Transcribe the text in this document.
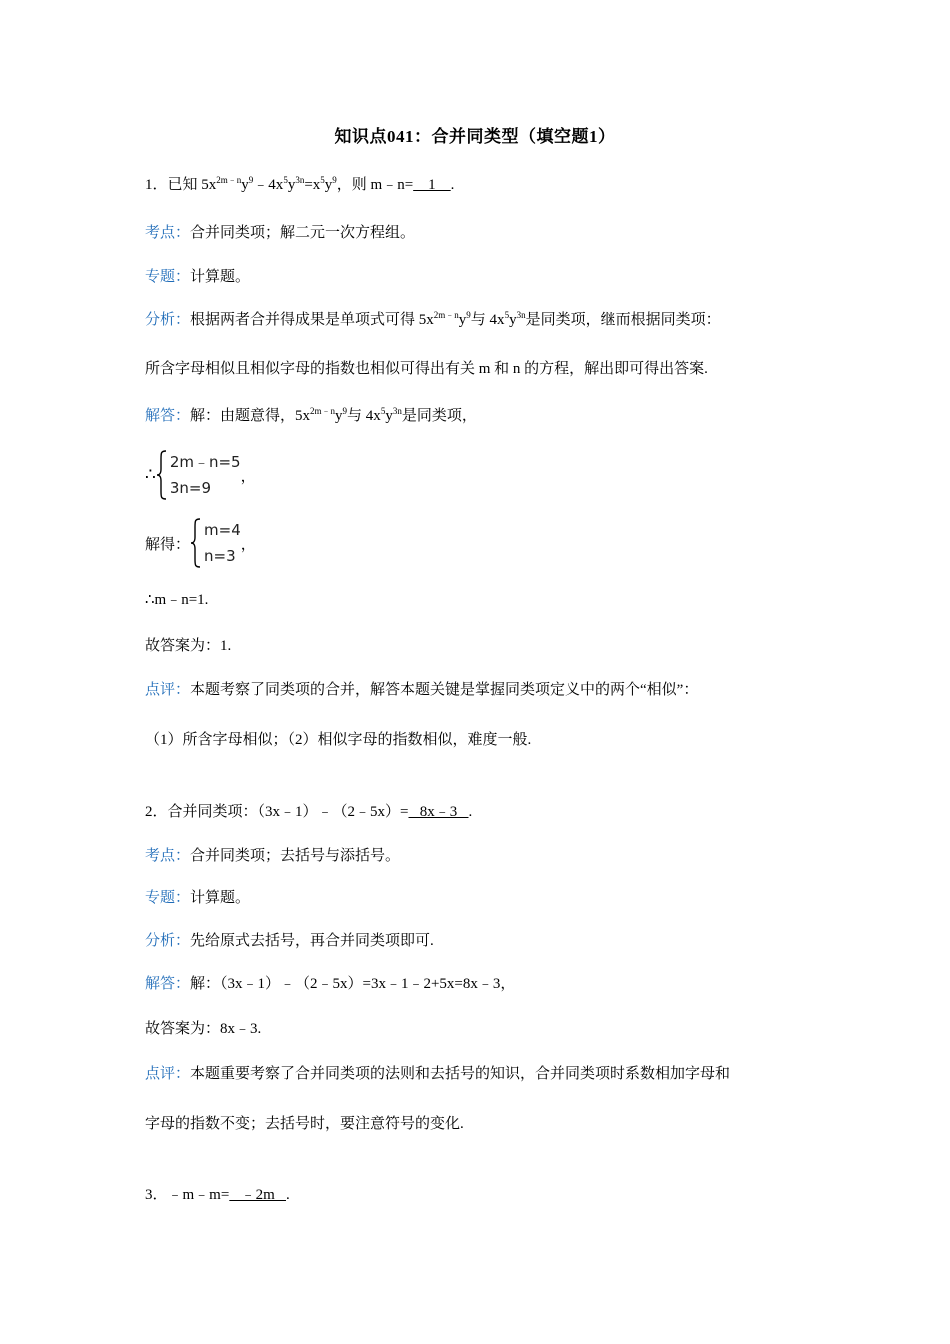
知识点041：合并同类型（填空题1）
1．已知 $5x^{2m﹣n}y^9﹣4x^5y^{3n}=x^5y^9$，则 m﹣n=    1    .
考点：合并同类项；解二元一次方程组。
专题：计算题。
分析：根据两者合并得成果是单项式可得 $5x^{2m﹣n}y^9$与 $4x^5y^{3n}$是同类项，继而根据同类项：
所含字母相似且相似字母的指数也相似可得出有关 m 和 n 的方程，解出即可得出答案.
解答：解：由题意得，$5x^{2m﹣n}y^9$与 $4x^5y^{3n}$是同类项，
∴
2m﹣n=5
3n=9
，
解得：
m=4
n=3
，
∴m﹣n=1.
故答案为：1.
点评：本题考察了同类项的合并，解答本题关键是掌握同类项定义中的两个“相似”：
（1）所含字母相似；（2）相似字母的指数相似，难度一般.
2．合并同类项：（3x﹣1）﹣（2﹣5x）=   8x﹣3   .
考点：合并同类项；去括号与添括号。
专题：计算题。
分析：先给原式去括号，再合并同类项即可.
解答：解：（3x﹣1）﹣（2﹣5x）=3x﹣1﹣2+5x=8x﹣3，
故答案为：8x﹣3.
点评：本题重要考察了合并同类项的法则和去括号的知识，合并同类项时系数相加字母和
字母的指数不变；去括号时，要注意符号的变化.
3．﹣m﹣m=   ﹣2m   .
